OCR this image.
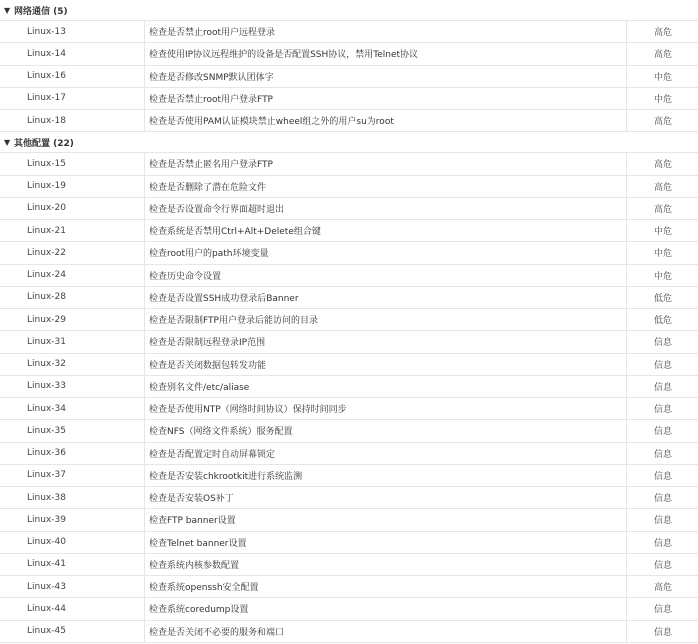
▼ 网络通信 (5)
Linux-13	检查是否禁止root用户远程登录	高危
Linux-14	检查使用IP协议远程维护的设备是否配置SSH协议，禁用Telnet协议	高危
Linux-16	检查是否修改SNMP默认团体字	中危
Linux-17	检查是否禁止root用户登录FTP	中危
Linux-18	检查是否使用PAM认证模块禁止wheel组之外的用户su为root	高危
▼ 其他配置 (22)
Linux-15	检查是否禁止匿名用户登录FTP	高危
Linux-19	检查是否删除了潜在危险文件	高危
Linux-20	检查是否设置命令行界面超时退出	高危
Linux-21	检查系统是否禁用Ctrl+Alt+Delete组合键	中危
Linux-22	检查root用户的path环境变量	中危
Linux-24	检查历史命令设置	中危
Linux-28	检查是否设置SSH成功登录后Banner	低危
Linux-29	检查是否限制FTP用户登录后能访问的目录	低危
Linux-31	检查是否限制远程登录IP范围	信息
Linux-32	检查是否关闭数据包转发功能	信息
Linux-33	检查别名文件/etc/aliase	信息
Linux-34	检查是否使用NTP（网络时间协议）保持时间同步	信息
Linux-35	检查NFS（网络文件系统）服务配置	信息
Linux-36	检查是否配置定时自动屏幕锁定	信息
Linux-37	检查是否安装chkrootkit进行系统监测	信息
Linux-38	检查是否安装OS补丁	信息
Linux-39	检查FTP banner设置	信息
Linux-40	检查Telnet banner设置	信息
Linux-41	检查系统内核参数配置	信息
Linux-43	检查系统openssh安全配置	高危
Linux-44	检查系统coredump设置	信息
Linux-45	检查是否关闭不必要的服务和端口	信息
